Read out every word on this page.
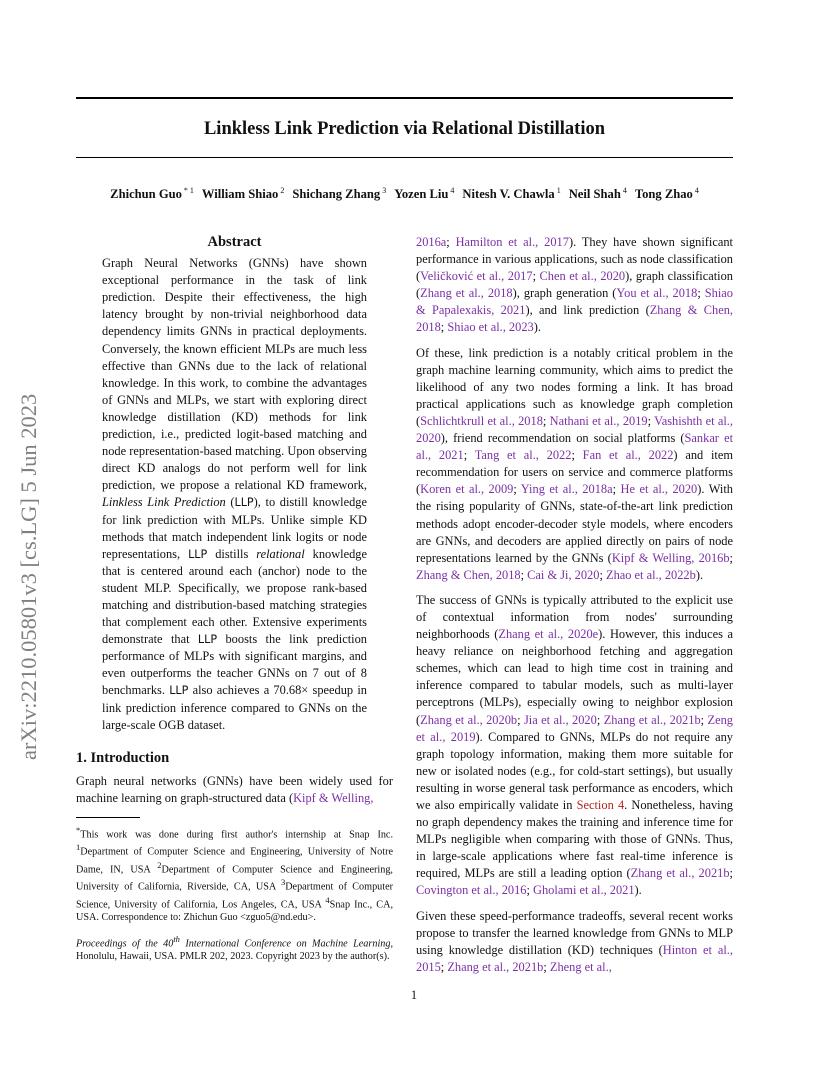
Linkless Link Prediction via Relational Distillation
Zhichun Guo $^{* 1}$ William Shiao $^2$ Shichang Zhang $^3$ Yozen Liu $^4$ Nitesh V. Chawla $^1$ Neil Shah $^4$ Tong Zhao $^4$
arXiv:2210.05801v3 [cs.LG] 5 Jun 2023
Abstract

Graph Neural Networks (GNNs) have shown exceptional performance in the task of link prediction. Despite their effectiveness, the high latency brought by non-trivial neighborhood data dependency limits GNNs in practical deployments. Conversely, the known efficient MLPs are much less effective than GNNs due to the lack of relational knowledge. In this work, to combine the advantages of GNNs and MLPs, we start with exploring direct knowledge distillation (KD) methods for link prediction, i.e., predicted logit-based matching and node representation-based matching. Upon observing direct KD analogs do not perform well for link prediction, we propose a relational KD framework, Linkless Link Prediction (LLP), to distill knowledge for link prediction with MLPs. Unlike simple KD methods that match independent link logits or node representations, LLP distills relational knowledge that is centered around each (anchor) node to the student MLP. Specifically, we propose rank-based matching and distribution-based matching strategies that complement each other. Extensive experiments demonstrate that LLP boosts the link prediction performance of MLPs with significant margins, and even outperforms the teacher GNNs on 7 out of 8 benchmarks. LLP also achieves a 70.68× speedup in link prediction inference compared to GNNs on the large-scale OGB dataset.

1. Introduction

Graph neural networks (GNNs) have been widely used for machine learning on graph-structured data (Kipf & Welling,

*This work was done during first author's internship at Snap Inc. $^1$Department of Computer Science and Engineering, University of Notre Dame, IN, USA $^2$Department of Computer Science and Engineering, University of California, Riverside, CA, USA $^3$Department of Computer Science, University of California, Los Angeles, CA, USA $^4$Snap Inc., CA, USA. Correspondence to: Zhichun Guo <zguo5@nd.edu>.
Proceedings of the 40th International Conference on Machine Learning, Honolulu, Hawaii, USA. PMLR 202, 2023. Copyright 2023 by the author(s).

2016a; Hamilton et al., 2017). They have shown significant performance in various applications, such as node classification (Veličković et al., 2017; Chen et al., 2020), graph classification (Zhang et al., 2018), graph generation (You et al., 2018; Shiao & Papalexakis, 2021), and link prediction (Zhang & Chen, 2018; Shiao et al., 2023).

Of these, link prediction is a notably critical problem in the graph machine learning community, which aims to predict the likelihood of any two nodes forming a link. It has broad practical applications such as knowledge graph completion (Schlichtkrull et al., 2018; Nathani et al., 2019; Vashishth et al., 2020), friend recommendation on social platforms (Sankar et al., 2021; Tang et al., 2022; Fan et al., 2022) and item recommendation for users on service and commerce platforms (Koren et al., 2009; Ying et al., 2018a; He et al., 2020). With the rising popularity of GNNs, state-of-the-art link prediction methods adopt encoder-decoder style models, where encoders are GNNs, and decoders are applied directly on pairs of node representations learned by the GNNs (Kipf & Welling, 2016b; Zhang & Chen, 2018; Cai & Ji, 2020; Zhao et al., 2022b).

The success of GNNs is typically attributed to the explicit use of contextual information from nodes' surrounding neighborhoods (Zhang et al., 2020e). However, this induces a heavy reliance on neighborhood fetching and aggregation schemes, which can lead to high time cost in training and inference compared to tabular models, such as multi-layer perceptrons (MLPs), especially owing to neighbor explosion (Zhang et al., 2020b; Jia et al., 2020; Zhang et al., 2021b; Zeng et al., 2019). Compared to GNNs, MLPs do not require any graph topology information, making them more suitable for new or isolated nodes (e.g., for cold-start settings), but usually resulting in worse general task performance as encoders, which we also empirically validate in Section 4. Nonetheless, having no graph dependency makes the training and inference time for MLPs negligible when comparing with those of GNNs. Thus, in large-scale applications where fast real-time inference is required, MLPs are still a leading option (Zhang et al., 2021b; Covington et al., 2016; Gholami et al., 2021).

Given these speed-performance tradeoffs, several recent works propose to transfer the learned knowledge from GNNs to MLP using knowledge distillation (KD) techniques (Hinton et al., 2015; Zhang et al., 2021b; Zheng et al.,

1
